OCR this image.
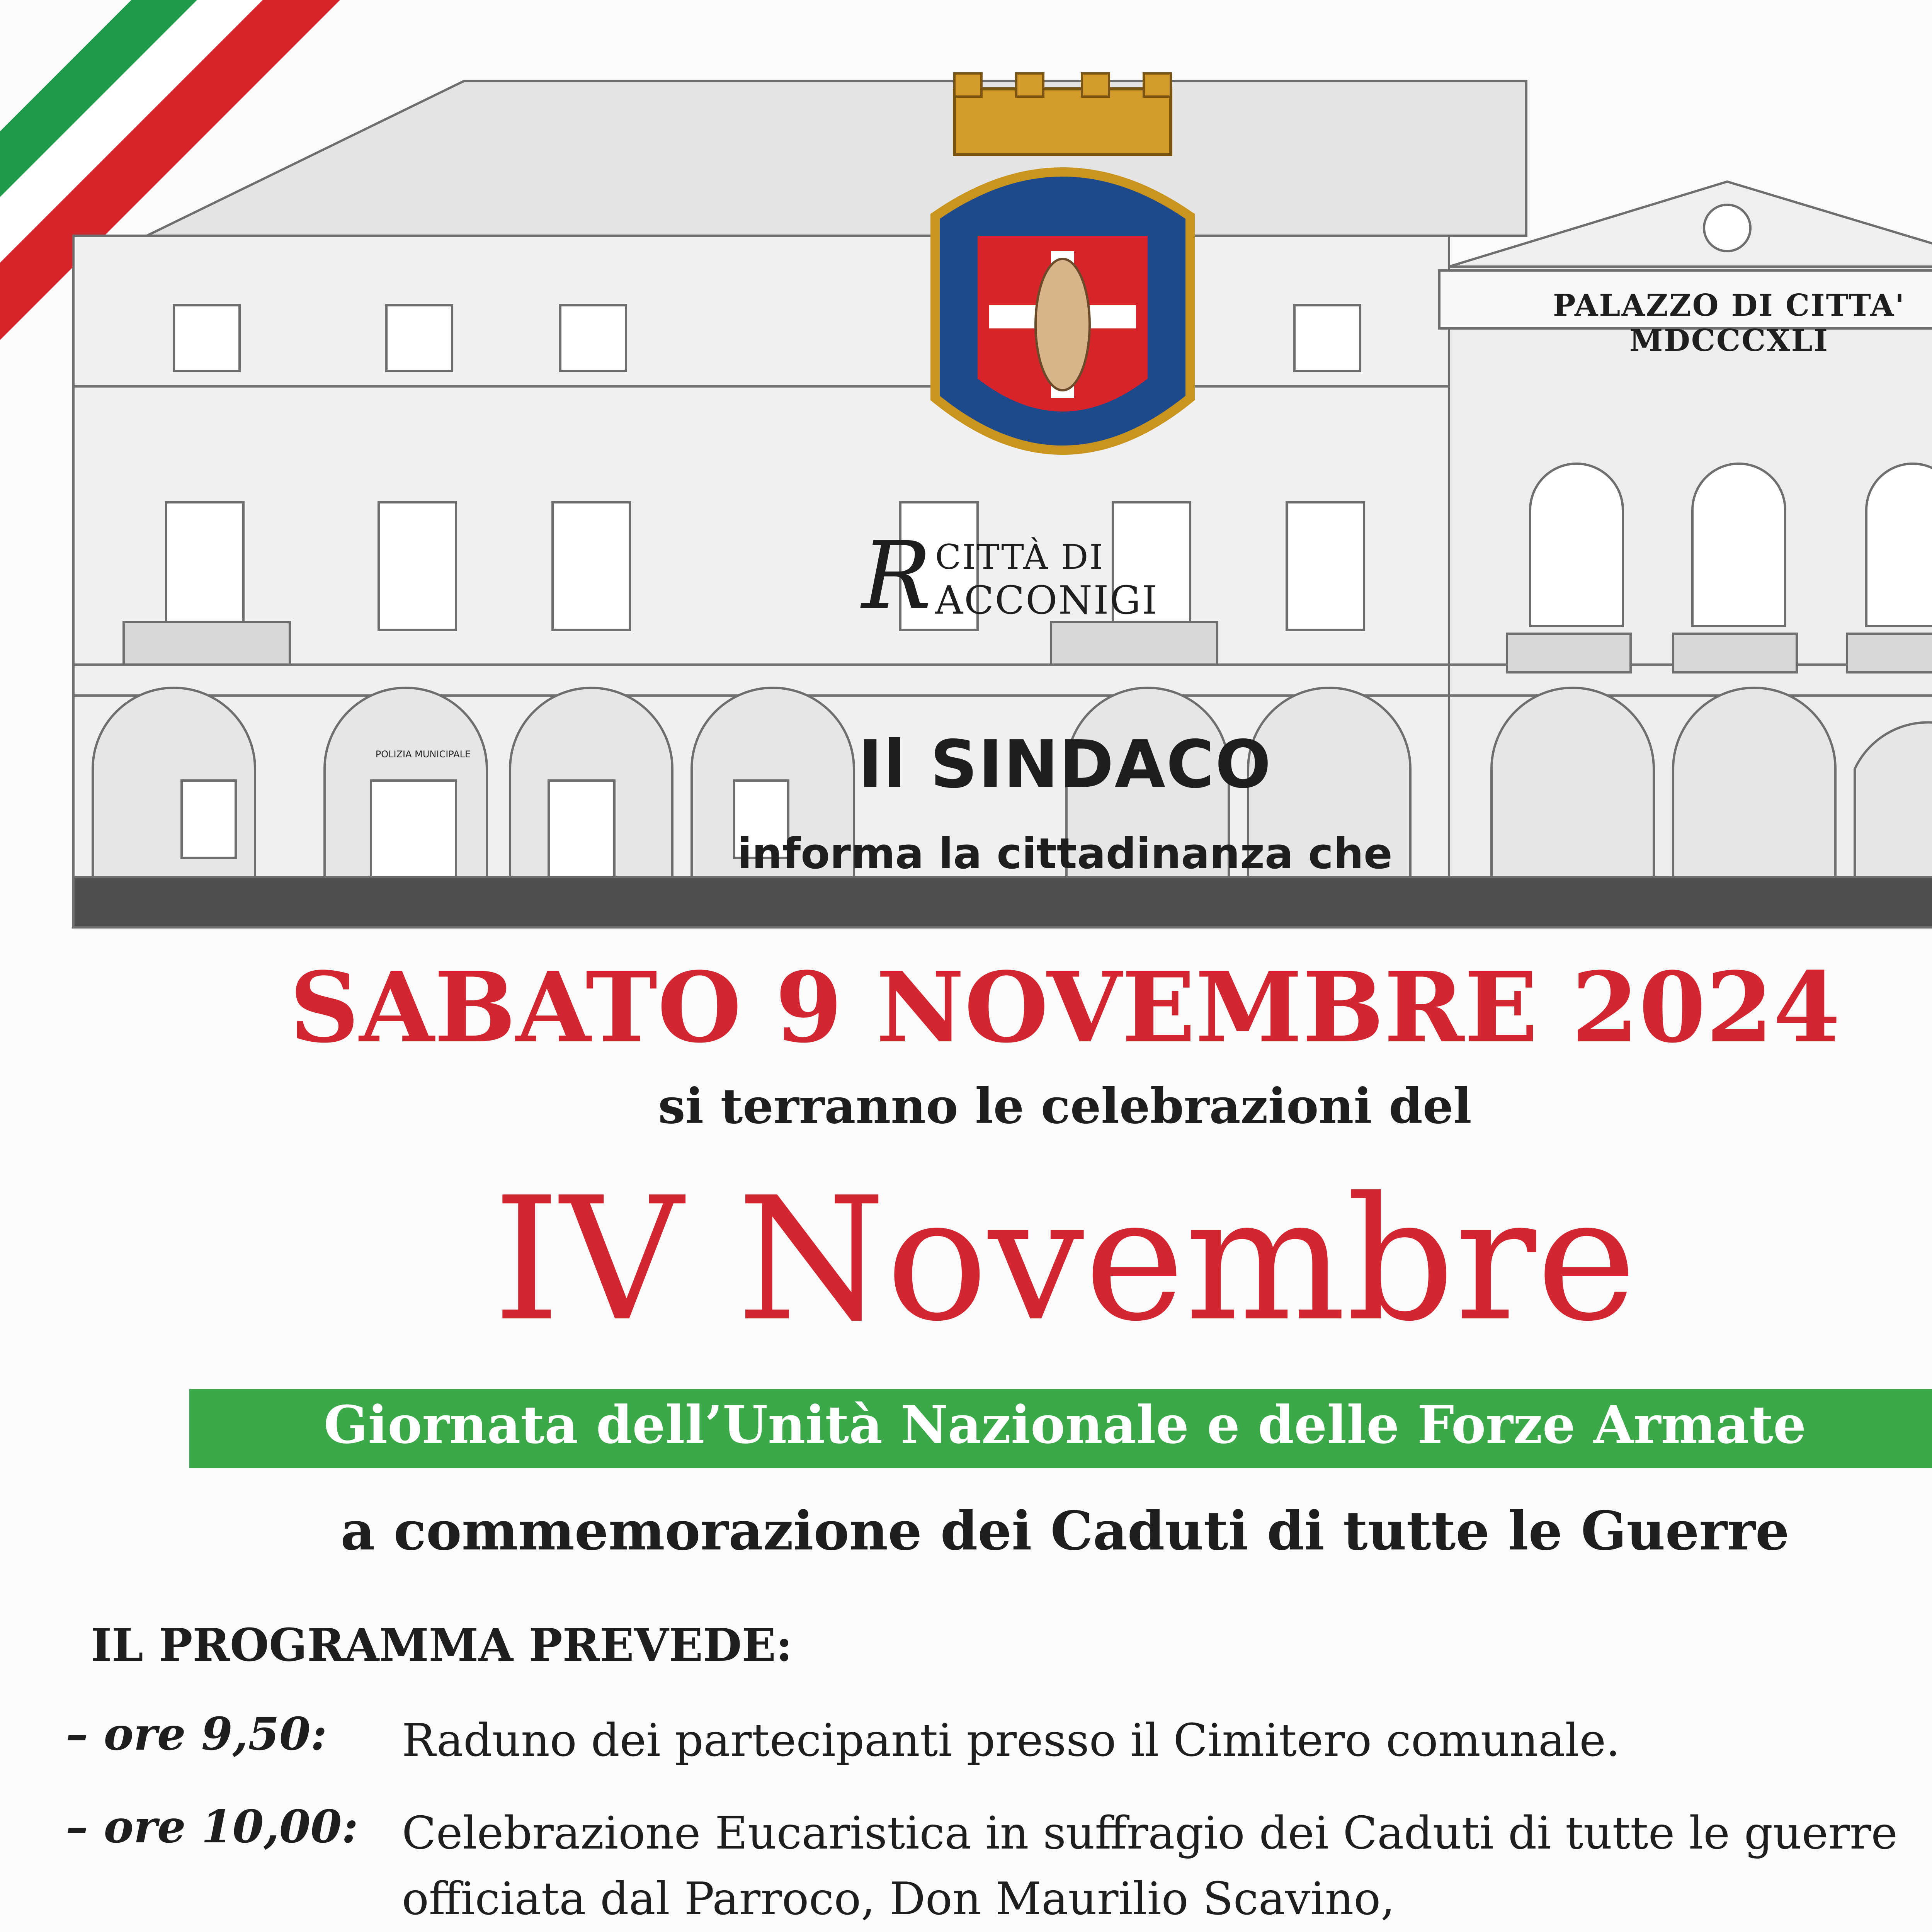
PALAZZO DI CITTA' MDCCCXLI
POLIZIA MUNICIPALE
R CITTÀ DI
ACCONIGI
Il SINDACO
informa la cittadinanza che
SABATO 9 NOVEMBRE 2024
si terranno le celebrazioni del
IV Novembre
Giornata dell’Unità Nazionale e delle Forze Armate
a commemorazione dei Caduti di tutte le Guerre
IL PROGRAMMA PREVEDE:
– ore 9,50:	Raduno dei partecipanti presso il Cimitero comunale.
– ore 10,00: Celebrazione Eucaristica in suffragio dei Caduti di tutte le guerre
officiata dal Parroco, Don Maurilio Scavino,
